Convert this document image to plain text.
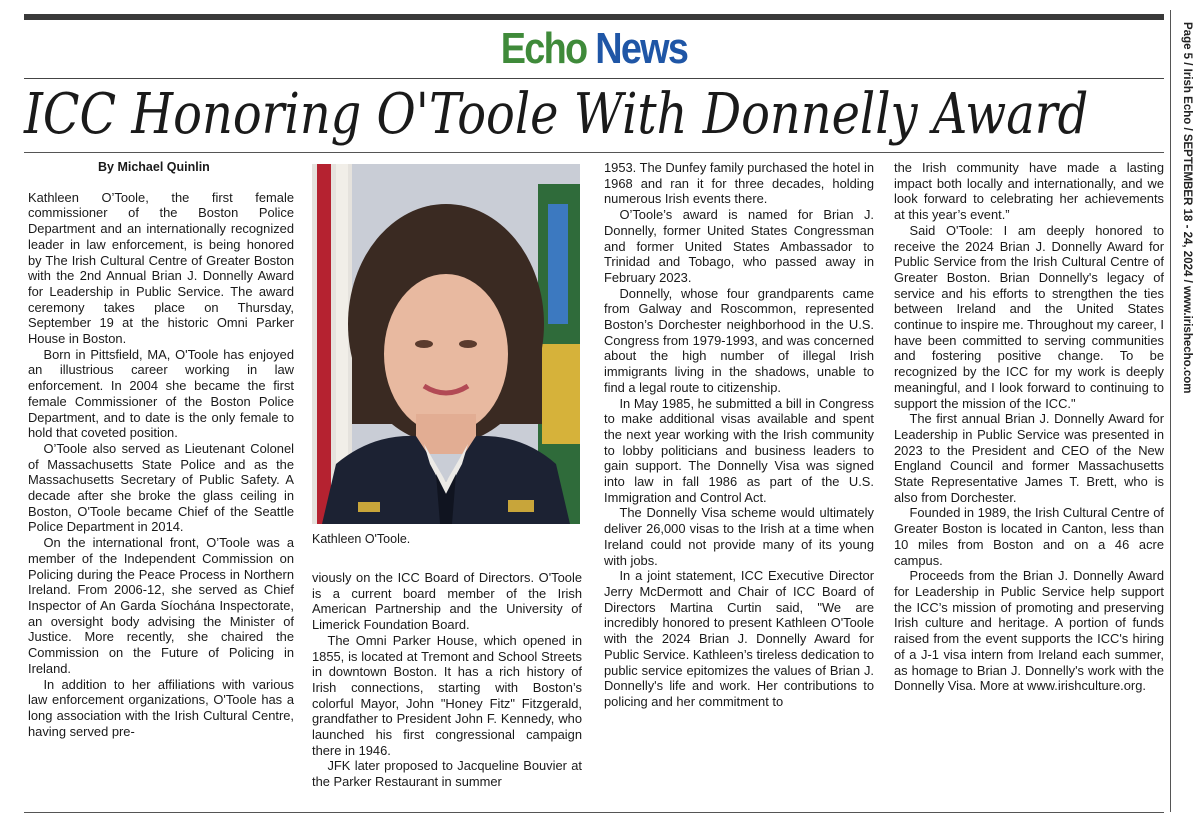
Echo News
ICC Honoring O'Toole With Donnelly Award	Page 5 / Irish Echo / SEPTEMBER 18 - 24, 2024 / www.irishecho.com

By Michael Quinlin

Kathleen O’Toole, the first female commissioner of the Boston Police Department and an internationally recognized leader in law enforcement, is being honored by The Irish Cultural Centre of Greater Boston with the 2nd Annual Brian J. Donnelly Award for Leadership in Public Service. The award ceremony takes place on Thursday, September 19 at the historic Omni Parker House in Boston.

Born in Pittsfield, MA, O'Toole has enjoyed an illustrious career working in law enforcement. In 2004 she became the first female Commissioner of the Boston Police Department, and to date is the only female to hold that coveted position.

O’Toole also served as Lieutenant Colonel of Massachusetts State Police and as the Massachusetts Secretary of Public Safety. A decade after she broke the glass ceiling in Boston, O'Toole became Chief of the Seattle Police Department in 2014.

On the international front, O’Toole was a member of the Independent Commission on Policing during the Peace Process in Northern Ireland. From 2006-12, she served as Chief Inspector of An Garda Síochána Inspectorate, an oversight body advising the Minister of Justice. More recently, she chaired the Commission on the Future of Policing in Ireland.

In addition to her affiliations with various law enforcement organizations, O'Toole has a long association with the Irish Cultural Centre, having served pre-

Kathleen O'Toole.

viously on the ICC Board of Directors. O'Toole is a current board member of the Irish American Partnership and the University of Limerick Foundation Board.

The Omni Parker House, which opened in 1855, is located at Tremont and School Streets in downtown Boston. It has a rich history of Irish connections, starting with Boston’s colorful Mayor, John "Honey Fitz" Fitzgerald, grandfather to President John F. Kennedy, who launched his first congressional campaign there in 1946.

JFK later proposed to Jacqueline Bouvier at the Parker Restaurant in summer

1953. The Dunfey family purchased the hotel in 1968 and ran it for three decades, holding numerous Irish events there.

O’Toole’s award is named for Brian J. Donnelly, former United States Congressman and former United States Ambassador to Trinidad and Tobago, who passed away in February 2023.

Donnelly, whose four grandparents came from Galway and Roscommon, represented Boston’s Dorchester neighborhood in the U.S. Congress from 1979-1993, and was concerned about the high number of illegal Irish immigrants living in the shadows, unable to find a legal route to citizenship.

In May 1985, he submitted a bill in Congress to make additional visas available and spent the next year working with the Irish community to lobby politicians and business leaders to gain support. The Donnelly Visa was signed into law in fall 1986 as part of the U.S. Immigration and Control Act.

The Donnelly Visa scheme would ultimately deliver 26,000 visas to the Irish at a time when Ireland could not provide many of its young with jobs.

In a joint statement, ICC Executive Director Jerry McDermott and Chair of ICC Board of Directors Martina Curtin said, "We are incredibly honored to present Kathleen O'Toole with the 2024 Brian J. Donnelly Award for Public Service. Kathleen’s tireless dedication to public service epitomizes the values of Brian J. Donnelly's life and work. Her contributions to policing and her commitment to

the Irish community have made a lasting impact both locally and internationally, and we look forward to celebrating her achievements at this year’s event.”

Said O'Toole: I am deeply honored to receive the 2024 Brian J. Donnelly Award for Public Service from the Irish Cultural Centre of Greater Boston. Brian Donnelly's legacy of service and his efforts to strengthen the ties between Ireland and the United States continue to inspire me. Throughout my career, I have been committed to serving communities and fostering positive change. To be recognized by the ICC for my work is deeply meaningful, and I look forward to continuing to support the mission of the ICC."

The first annual Brian J. Donnelly Award for Leadership in Public Service was presented in 2023 to the President and CEO of the New England Council and former Massachusetts State Representative James T. Brett, who is also from Dorchester.

Founded in 1989, the Irish Cultural Centre of Greater Boston is located in Canton, less than 10 miles from Boston and on a 46 acre campus.

Proceeds from the Brian J. Donnelly Award for Leadership in Public Service help support the ICC’s mission of promoting and preserving Irish culture and heritage. A portion of funds raised from the event supports the ICC's hiring of a J-1 visa intern from Ireland each summer, as homage to Brian J. Donnelly's work with the Donnelly Visa. More at www.irishculture.org.
